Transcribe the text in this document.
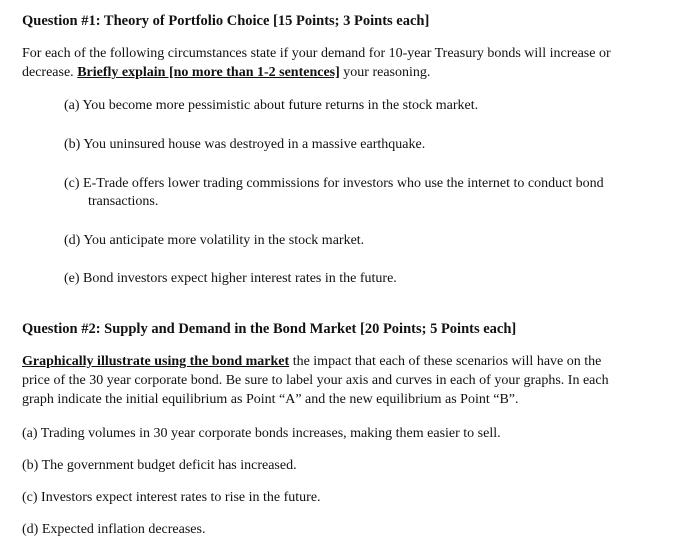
Question #1: Theory of Portfolio Choice [15 Points; 3 Points each]
For each of the following circumstances state if your demand for 10-year Treasury bonds will increase or
decrease. Briefly explain [no more than 1-2 sentences] your reasoning.
(a) You become more pessimistic about future returns in the stock market.
(b) You uninsured house was destroyed in a massive earthquake.
(c) E-Trade offers lower trading commissions for investors who use the internet to conduct bond
transactions.
(d) You anticipate more volatility in the stock market.
(e) Bond investors expect higher interest rates in the future.
Question #2: Supply and Demand in the Bond Market [20 Points; 5 Points each]
Graphically illustrate using the bond market the impact that each of these scenarios will have on the
price of the 30 year corporate bond. Be sure to label your axis and curves in each of your graphs. In each
graph indicate the initial equilibrium as Point “A” and the new equilibrium as Point “B”.
(a) Trading volumes in 30 year corporate bonds increases, making them easier to sell.
(b) The government budget deficit has increased.
(c) Investors expect interest rates to rise in the future.
(d) Expected inflation decreases.
